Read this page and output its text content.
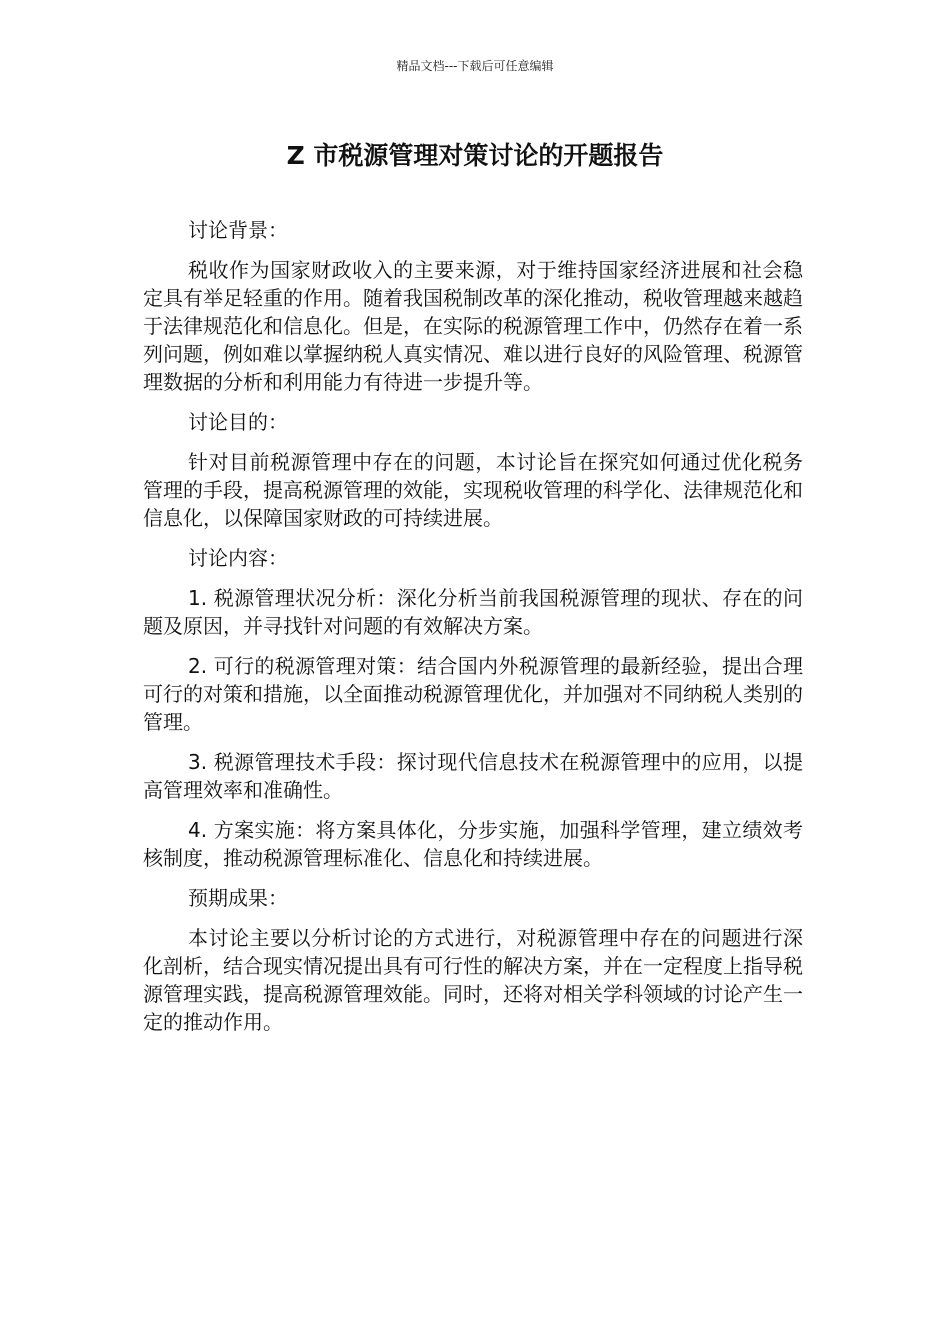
精品文档---下载后可任意编辑
Z 市税源管理对策讨论的开题报告

讨论背景：

税收作为国家财政收入的主要来源，对于维持国家经济进展和社会稳定具有举足轻重的作用。随着我国税制改革的深化推动，税收管理越来越趋于法律规范化和信息化。但是，在实际的税源管理工作中，仍然存在着一系列问题，例如难以掌握纳税人真实情况、难以进行良好的风险管理、税源管理数据的分析和利用能力有待进一步提升等。

讨论目的：

针对目前税源管理中存在的问题，本讨论旨在探究如何通过优化税务管理的手段，提高税源管理的效能，实现税收管理的科学化、法律规范化和信息化，以保障国家财政的可持续进展。

讨论内容：

1. 税源管理状况分析：深化分析当前我国税源管理的现状、存在的问题及原因，并寻找针对问题的有效解决方案。

2. 可行的税源管理对策：结合国内外税源管理的最新经验，提出合理可行的对策和措施，以全面推动税源管理优化，并加强对不同纳税人类别的管理。

3. 税源管理技术手段：探讨现代信息技术在税源管理中的应用，以提高管理效率和准确性。

4. 方案实施：将方案具体化，分步实施，加强科学管理，建立绩效考核制度，推动税源管理标准化、信息化和持续进展。

预期成果：

本讨论主要以分析讨论的方式进行，对税源管理中存在的问题进行深化剖析，结合现实情况提出具有可行性的解决方案，并在一定程度上指导税源管理实践，提高税源管理效能。同时，还将对相关学科领域的讨论产生一定的推动作用。
